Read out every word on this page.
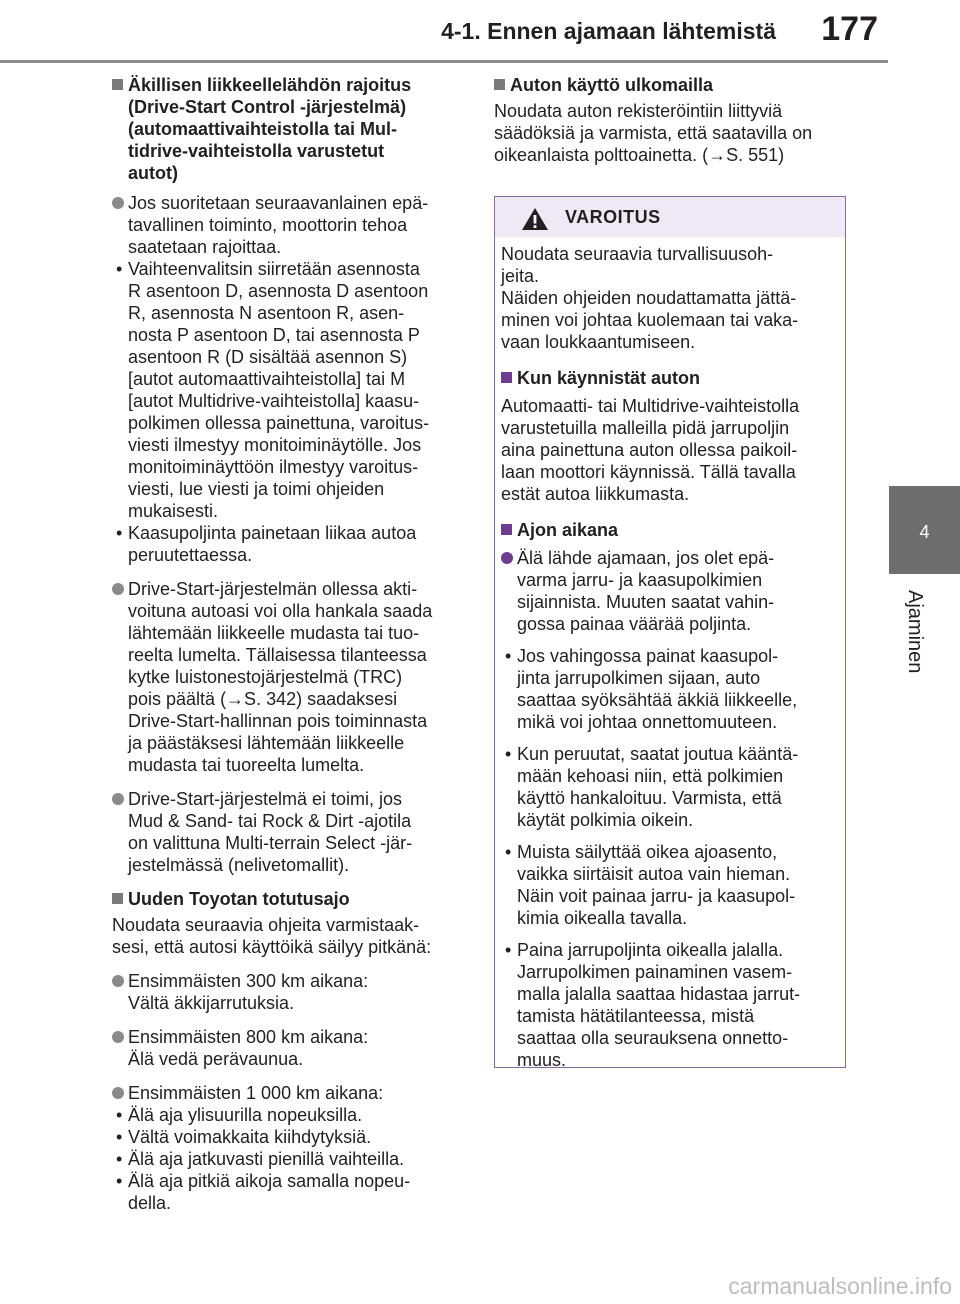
4-1. Ennen ajamaan lähtemistä 177
4
Ajaminen
Äkillisen liikkeellelähdön rajoitus
(Drive-Start Control -järjestelmä)
(automaattivaihteistolla tai Mul-
tidrive-vaihteistolla varustetut
autot)
Jos suoritetaan seuraavanlainen epä-
tavallinen toiminto, moottorin tehoa
saatetaan rajoittaa.
• Vaihteenvalitsin siirretään asennosta
R asentoon D, asennosta D asentoon
R, asennosta N asentoon R, asen-
nosta P asentoon D, tai asennosta P
asentoon R (D sisältää asennon S)
[autot automaattivaihteistolla] tai M
[autot Multidrive-vaihteistolla] kaasu-
polkimen ollessa painettuna, varoitus-
viesti ilmestyy monitoiminäytölle. Jos
monitoiminäyttöön ilmestyy varoitus-
viesti, lue viesti ja toimi ohjeiden
mukaisesti.
• Kaasupoljinta painetaan liikaa autoa
peruutettaessa.
Drive-Start-järjestelmän ollessa akti-
voituna autoasi voi olla hankala saada
lähtemään liikkeelle mudasta tai tuo-
reelta lumelta. Tällaisessa tilanteessa
kytke luistonestojärjestelmä (TRC)
pois päältä (→S. 342) saadaksesi
Drive-Start-hallinnan pois toiminnasta
ja päästäksesi lähtemään liikkeelle
mudasta tai tuoreelta lumelta.
Drive-Start-järjestelmä ei toimi, jos
Mud & Sand- tai Rock & Dirt -ajotila
on valittuna Multi-terrain Select -jär-
jestelmässä (nelivetomallit).
Uuden Toyotan totutusajo
Noudata seuraavia ohjeita varmistaak-
sesi, että autosi käyttöikä säilyy pitkänä:
Ensimmäisten 300 km aikana:
Vältä äkkijarrutuksia.
Ensimmäisten 800 km aikana:
Älä vedä perävaunua.
Ensimmäisten 1 000 km aikana:
• Älä aja ylisuurilla nopeuksilla.
• Vältä voimakkaita kiihdytyksiä.
• Älä aja jatkuvasti pienillä vaihteilla.
• Älä aja pitkiä aikoja samalla nopeu-
della.
Auton käyttö ulkomailla
Noudata auton rekisteröintiin liittyviä
säädöksiä ja varmista, että saatavilla on
oikeanlaista polttoainetta. (→S. 551)
VAROITUS
Noudata seuraavia turvallisuusoh-
jeita.
Näiden ohjeiden noudattamatta jättä-
minen voi johtaa kuolemaan tai vaka-
vaan loukkaantumiseen.
Kun käynnistät auton
Automaatti- tai Multidrive-vaihteistolla
varustetuilla malleilla pidä jarrupoljin
aina painettuna auton ollessa paikoil-
laan moottori käynnissä. Tällä tavalla
estät autoa liikkumasta.
Ajon aikana
Älä lähde ajamaan, jos olet epä-
varma jarru- ja kaasupolkimien
sijainnista. Muuten saatat vahin-
gossa painaa väärää poljinta.
• Jos vahingossa painat kaasupol-
jinta jarrupolkimen sijaan, auto
saattaa syöksähtää äkkiä liikkeelle,
mikä voi johtaa onnettomuuteen.
• Kun peruutat, saatat joutua kääntä-
mään kehoasi niin, että polkimien
käyttö hankaloituu. Varmista, että
käytät polkimia oikein.
• Muista säilyttää oikea ajoasento,
vaikka siirtäisit autoa vain hieman.
Näin voit painaa jarru- ja kaasupol-
kimia oikealla tavalla.
• Paina jarrupoljinta oikealla jalalla.
Jarrupolkimen painaminen vasem-
malla jalalla saattaa hidastaa jarrut-
tamista hätätilanteessa, mistä
saattaa olla seurauksena onnetto-
muus.
carmanualsonline.info
